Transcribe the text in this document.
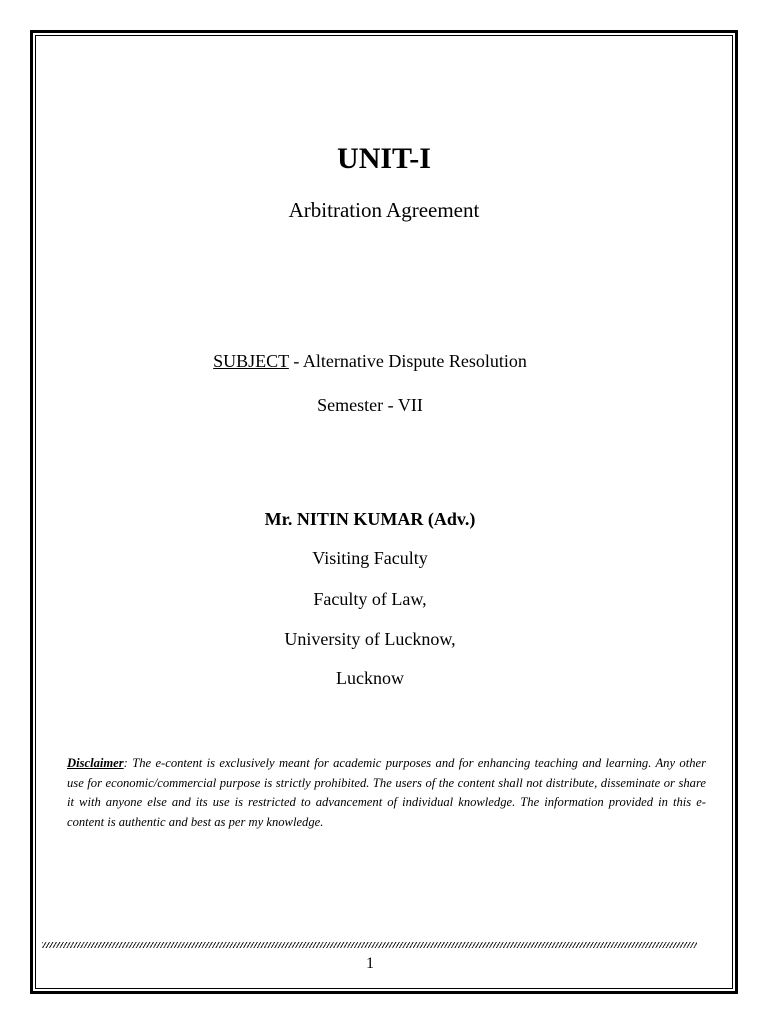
UNIT-I
Arbitration Agreement
SUBJECT - Alternative Dispute Resolution
Semester - VII
Mr. NITIN KUMAR (Adv.)
Visiting Faculty
Faculty of Law,
University of Lucknow,
Lucknow
Disclaimer: The e-content is exclusively meant for academic purposes and for enhancing teaching and learning. Any other use for economic/commercial purpose is strictly prohibited. The users of the content shall not distribute, disseminate or share it with anyone else and its use is restricted to advancement of individual knowledge. The information provided in this e-content is authentic and best as per my knowledge.
1
